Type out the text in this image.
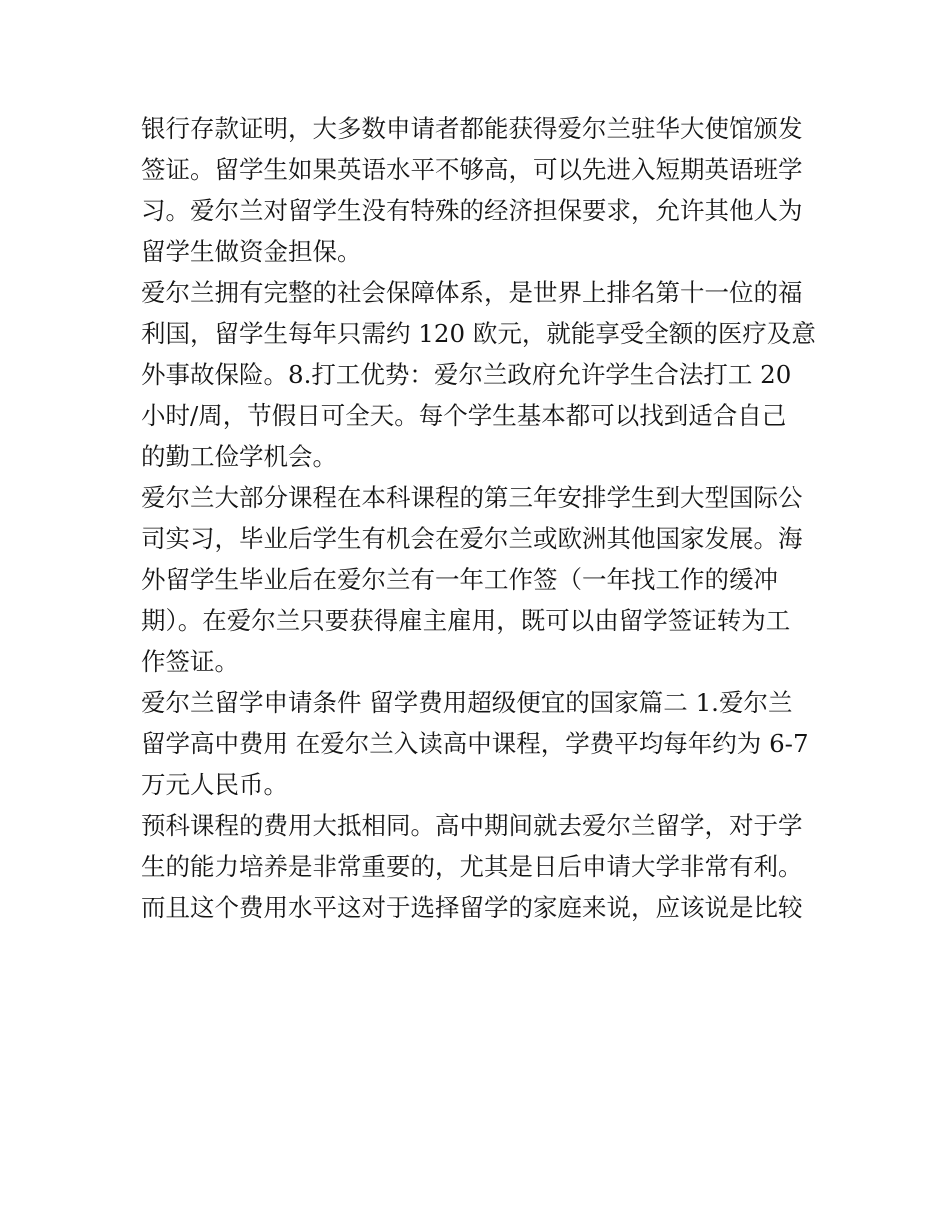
银行存款证明，大多数申请者都能获得爱尔兰驻华大使馆颁发
签证。留学生如果英语水平不够高，可以先进入短期英语班学
习。爱尔兰对留学生没有特殊的经济担保要求，允许其他人为
留学生做资金担保。
爱尔兰拥有完整的社会保障体系，是世界上排名第十一位的福
利国，留学生每年只需约 120 欧元，就能享受全额的医疗及意
外事故保险。8.打工优势：爱尔兰政府允许学生合法打工 20
小时/周，节假日可全天。每个学生基本都可以找到适合自己
的勤工俭学机会。
爱尔兰大部分课程在本科课程的第三年安排学生到大型国际公
司实习，毕业后学生有机会在爱尔兰或欧洲其他国家发展。海
外留学生毕业后在爱尔兰有一年工作签（一年找工作的缓冲
期）。在爱尔兰只要获得雇主雇用，既可以由留学签证转为工
作签证。
爱尔兰留学申请条件 留学费用超级便宜的国家篇二 1.爱尔兰
留学高中费用 在爱尔兰入读高中课程，学费平均每年约为 6-7
万元人民币。
预科课程的费用大抵相同。高中期间就去爱尔兰留学，对于学
生的能力培养是非常重要的，尤其是日后申请大学非常有利。
而且这个费用水平这对于选择留学的家庭来说，应该说是比较
